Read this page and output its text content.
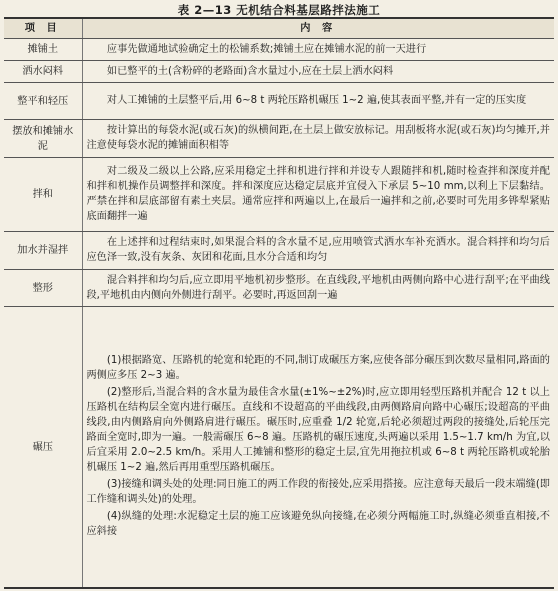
表 2—13 无机结合料基层路拌法施工
项 目	内 容
摊铺土	应事先做通地试验确定土的松铺系数;摊铺土应在摊铺水泥的前一天进行

洒水闷料	如已整平的土(含粉碎的老路面)含水量过小,应在土层上洒水闷料

整平和轻压	对人工摊铺的土层整平后,用 6~8 t 两轮压路机碾压 1~2 遍,使其表面平整,并有一定的压实度

摆放和摊铺水泥	按计算出的每袋水泥(或石灰)的纵横间距,在土层上做安放标记。用刮板将水泥(或石灰)均匀摊开,并注意使每袋水泥的摊铺面积相等

拌和	对二级及二级以上公路,应采用稳定土拌和机进行拌和并设专人跟随拌和机,随时检查拌和深度并配和拌和机操作员调整拌和深度。拌和深度应达稳定层底并宜侵入下承层 5~10 mm,以利上下层黏结。严禁在拌和层底部留有素土夹层。通常应拌和两遍以上,在最后一遍拌和之前,必要时可先用多铧犁紧贴底面翻拌一遍

加水并湿拌	在上述拌和过程结束时,如果混合料的含水量不足,应用喷管式洒水车补充洒水。混合料拌和均匀后应色泽一致,没有灰条、灰团和花面,且水分合适和均匀

整形	混合料拌和均匀后,应立即用平地机初步整形。在直线段,平地机由两侧向路中心进行刮平;在平曲线段,平地机由内侧向外侧进行刮平。必要时,再返回刮一遍

碾压	(1)根据路宽、压路机的轮宽和轮距的不同,制订成碾压方案,应使各部分碾压到次数尽量相同,路面的两侧应多压 2~3 遍。

(2)整形后,当混合料的含水量为最佳含水量(±1%~±2%)时,应立即用轻型压路机并配合 12 t 以上压路机在结构层全宽内进行碾压。直线和不设超高的平曲线段,由两侧路肩向路中心碾压;设超高的平曲线段,由内侧路肩向外侧路肩进行碾压。碾压时,应重叠 1/2 轮宽,后轮必须超过两段的接缝处,后轮压完路面全宽时,即为一遍。一般需碾压 6~8 遍。压路机的碾压速度,头两遍以采用 1.5~1.7 km/h 为宜,以后宜采用 2.0~2.5 km/h。采用人工摊铺和整形的稳定土层,宜先用拖拉机或 6~8 t 两轮压路机或轮胎机碾压 1~2 遍,然后再用重型压路机碾压。

(3)接缝和调头处的处理:同日施工的两工作段的衔接处,应采用搭接。应注意每天最后一段末端缝(即工作缝和调头处)的处理。

(4)纵缝的处理:水泥稳定土层的施工应该避免纵向接缝,在必须分两幅施工时,纵缝必须垂直相接,不应斜接
